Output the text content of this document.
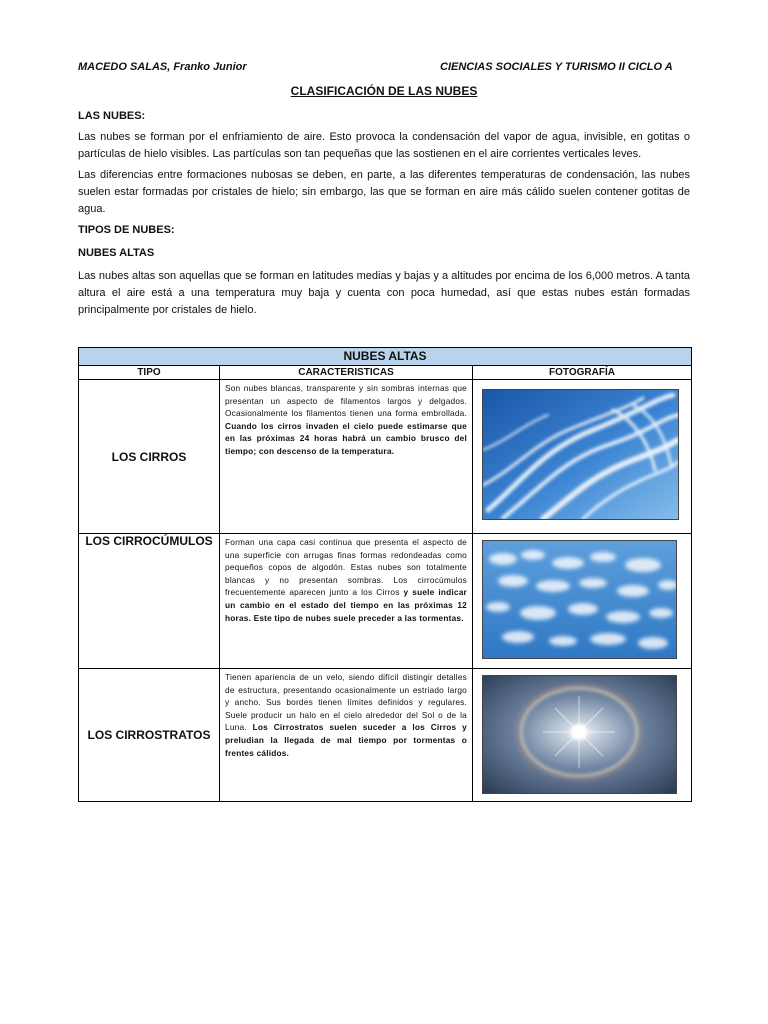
MACEDO SALAS, Franko Junior	CIENCIAS SOCIALES Y TURISMO II CICLO A
CLASIFICACIÓN DE LAS NUBES
LAS NUBES:
Las nubes se forman por el enfriamiento de aire. Esto provoca la condensación del vapor de agua, invisible, en gotitas o partículas de hielo visibles. Las partículas son tan pequeñas que las sostienen en el aire corrientes verticales leves.
Las diferencias entre formaciones nubosas se deben, en parte, a las diferentes temperaturas de condensación, las nubes suelen estar formadas por cristales de hielo; sin embargo, las que se forman en aire más cálido suelen contener gotitas de agua.
TIPOS DE NUBES:
NUBES ALTAS
Las nubes altas son aquellas que se forman en latitudes medias y bajas y a altitudes por encima de los 6,000 metros. A tanta altura el aire está a una temperatura muy baja y cuenta con poca humedad, así que estas nubes están formadas principalmente por cristales de hielo.
NUBES ALTAS		
TIPO	CARACTERISTICAS	FOTOGRAFÍA

LOS CIRROS	Son nubes blancas, transparente y sin sombras internas que presentan un aspecto de filamentos largos y delgados. Ocasionalmente los filamentos tienen una forma embrollada. Cuando los cirros invaden el cielo puede estimarse que en las próximas 24 horas habrá un cambio brusco del tiempo; con descenso de la temperatura.	

LOS CIRROCÚMULOS	Forman una capa casi continua que presenta el aspecto de una superficie con arrugas finas formas redondeadas como pequeños copos de algodón. Estas nubes son totalmente blancas y no presentan sombras. Los cirrocúmulos frecuentemente aparecen junto a los Cirros y suele indicar un cambio en el estado del tiempo en las próximas 12 horas. Este tipo de nubes suele preceder a las tormentas.	

LOS CIRROSTRATOS	Tienen apariencia de un velo, siendo difícil distingir detalles de estructura, presentando ocasionalmente un estriado largo y ancho. Sus bordes tienen límites definidos y regulares. Suele producir un halo en el cielo alrededor del Sol o de la Luna. Los Cirrostratos suelen suceder a los Cirros y preludian la llegada de mal tiempo por tormentas o frentes cálidos.	
